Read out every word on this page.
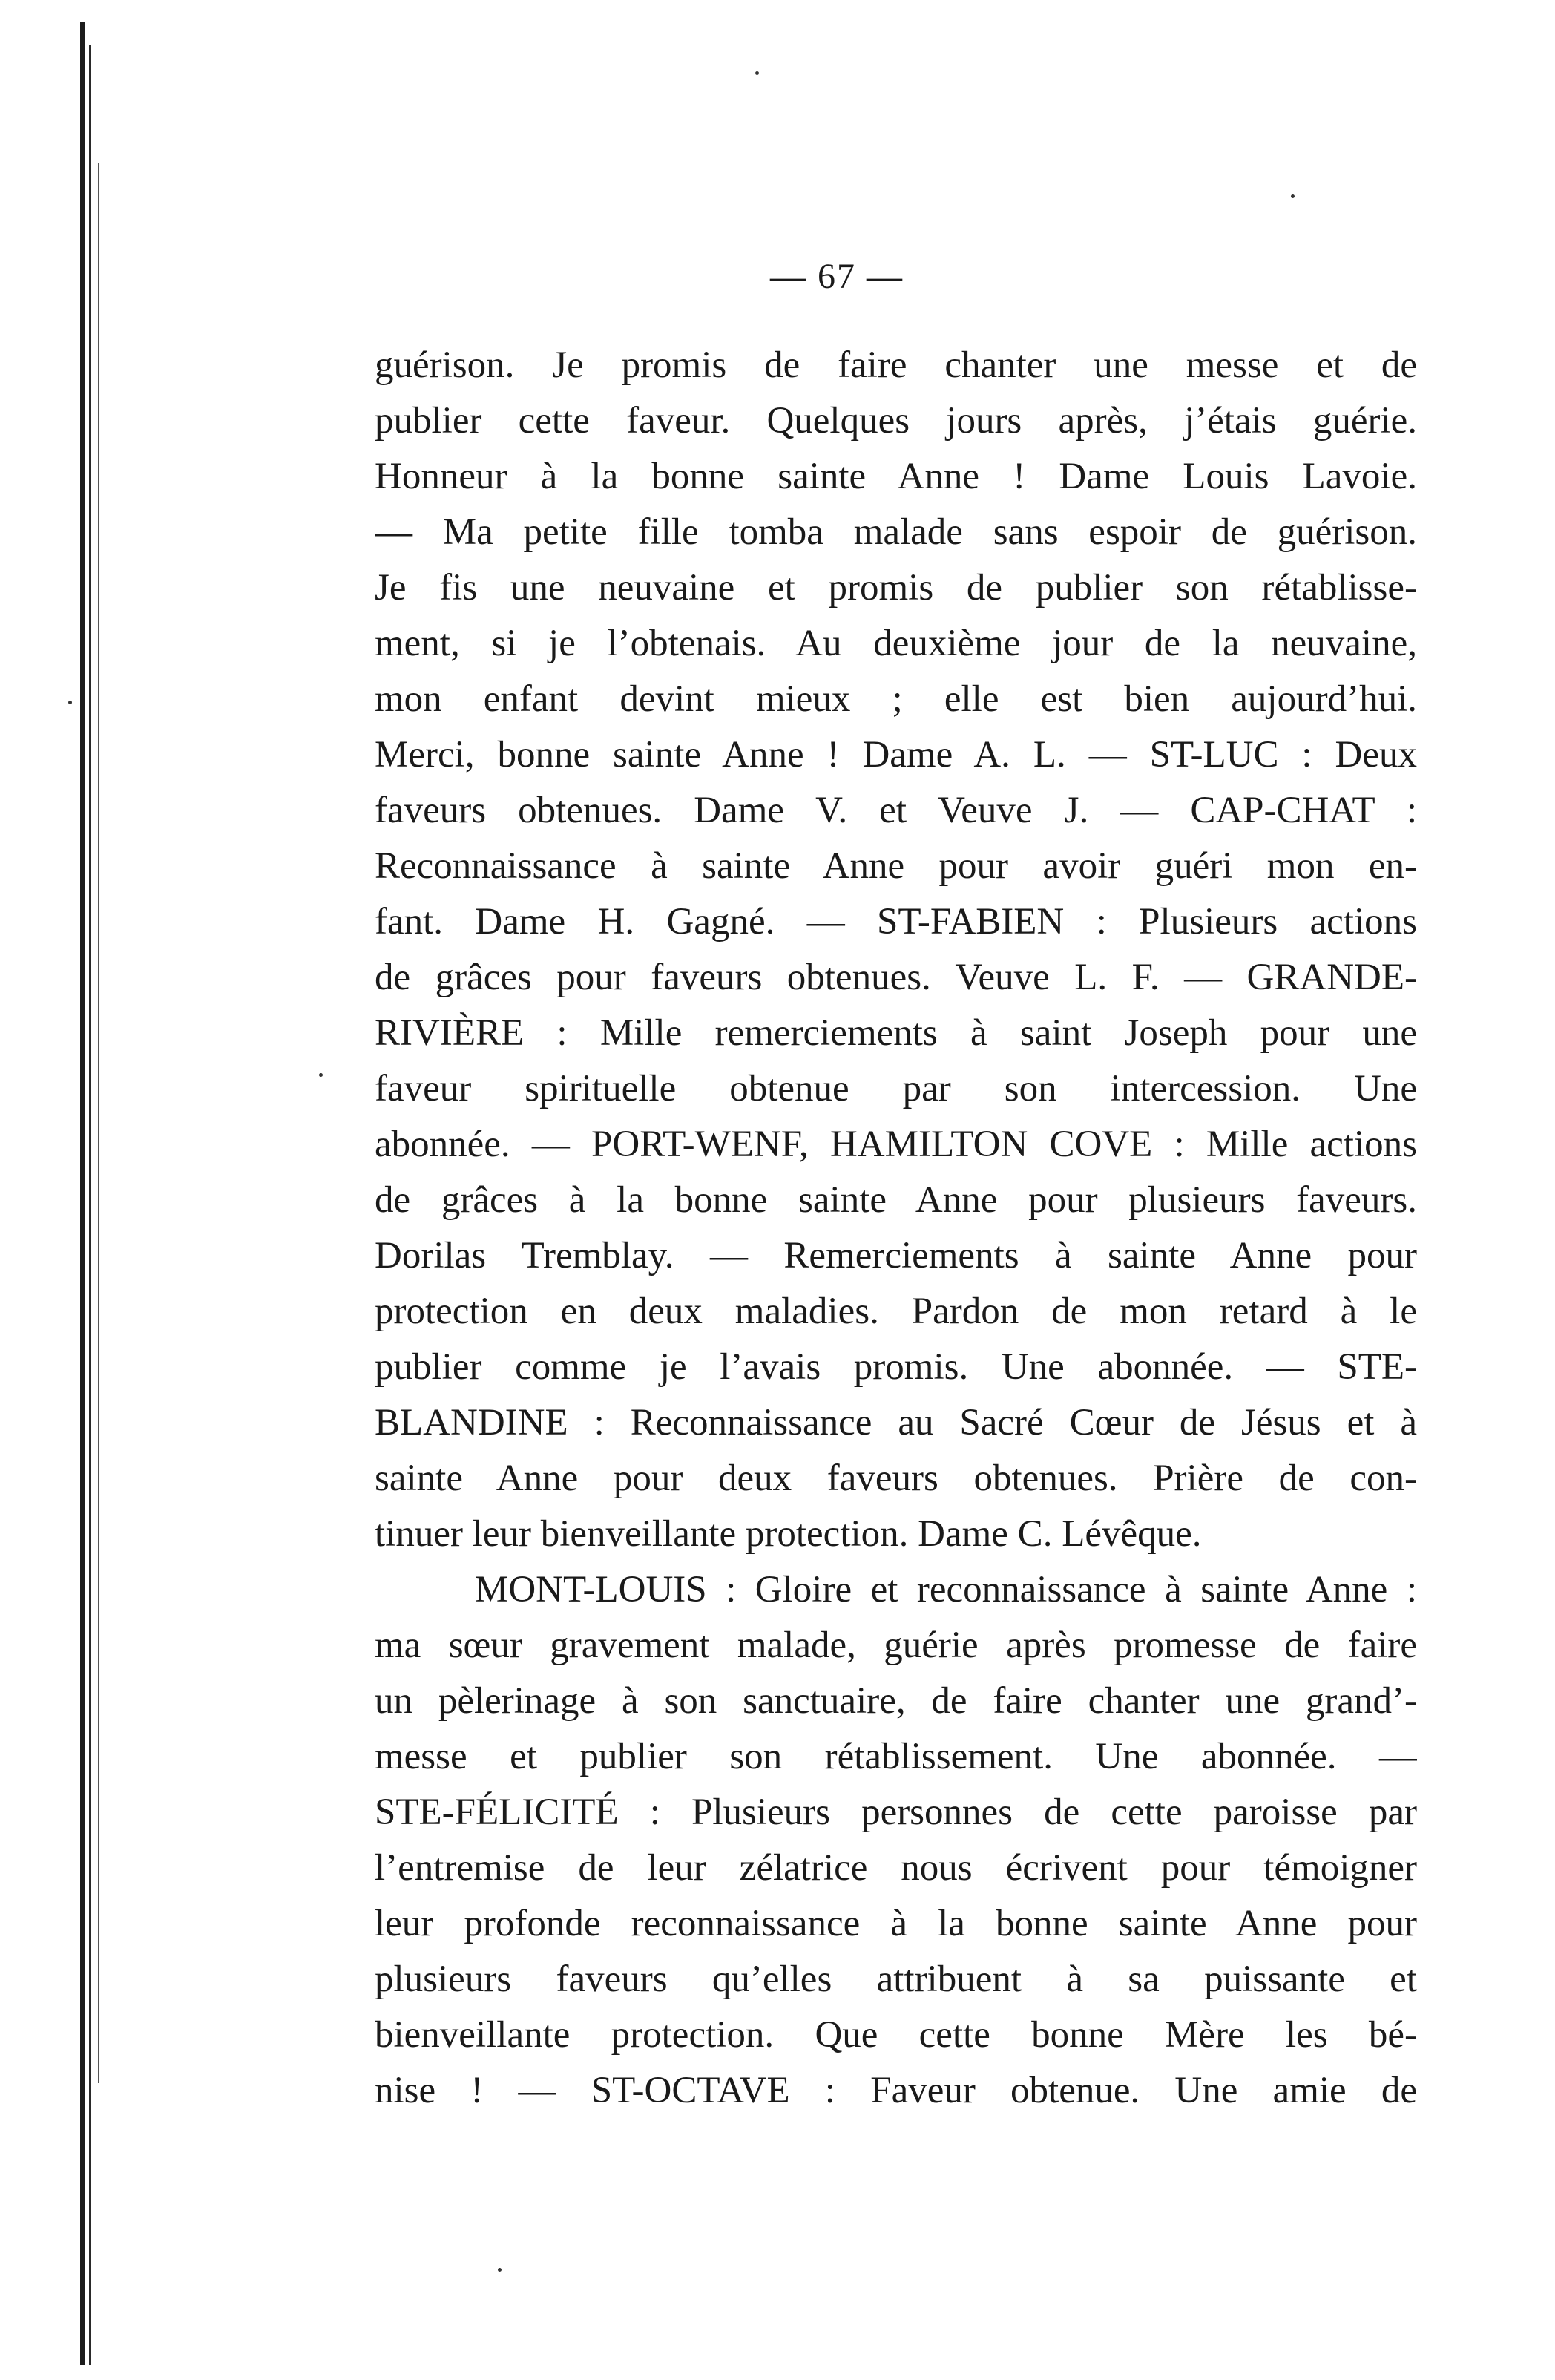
— 67 —
guérison. Je promis de faire chanter une messe et de
publier cette faveur. Quelques jours après, j’étais guérie.
Honneur à la bonne sainte Anne ! Dame Louis Lavoie.
— Ma petite fille tomba malade sans espoir de guérison.
Je fis une neuvaine et promis de publier son rétablisse-
ment, si je l’obtenais. Au deuxième jour de la neuvaine,
mon enfant devint mieux ; elle est bien aujourd’hui.
Merci, bonne sainte Anne ! Dame A. L. — ST-LUC : Deux
faveurs obtenues. Dame V. et Veuve J. — CAP-CHAT :
Reconnaissance à sainte Anne pour avoir guéri mon en-
fant. Dame H. Gagné. — ST-FABIEN : Plusieurs actions
de grâces pour faveurs obtenues. Veuve L. F. — GRANDE-
RIVIÈRE : Mille remerciements à saint Joseph pour une
faveur spirituelle obtenue par son intercession. Une
abonnée. — PORT-WENF, HAMILTON COVE : Mille actions
de grâces à la bonne sainte Anne pour plusieurs faveurs.
Dorilas Tremblay. — Remerciements à sainte Anne pour
protection en deux maladies. Pardon de mon retard à le
publier comme je l’avais promis. Une abonnée. — STE-
BLANDINE : Reconnaissance au Sacré Cœur de Jésus et à
sainte Anne pour deux faveurs obtenues. Prière de con-
tinuer leur bienveillante protection. Dame C. Lévêque.
MONT-LOUIS : Gloire et reconnaissance à sainte Anne :
ma sœur gravement malade, guérie après promesse de faire
un pèlerinage à son sanctuaire, de faire chanter une grand’-
messe et publier son rétablissement. Une abonnée. —
STE-FÉLICITÉ : Plusieurs personnes de cette paroisse par
l’entremise de leur zélatrice nous écrivent pour témoigner
leur profonde reconnaissance à la bonne sainte Anne pour
plusieurs faveurs qu’elles attribuent à sa puissante et
bienveillante protection. Que cette bonne Mère les bé-
nise ! — ST-OCTAVE : Faveur obtenue. Une amie de
